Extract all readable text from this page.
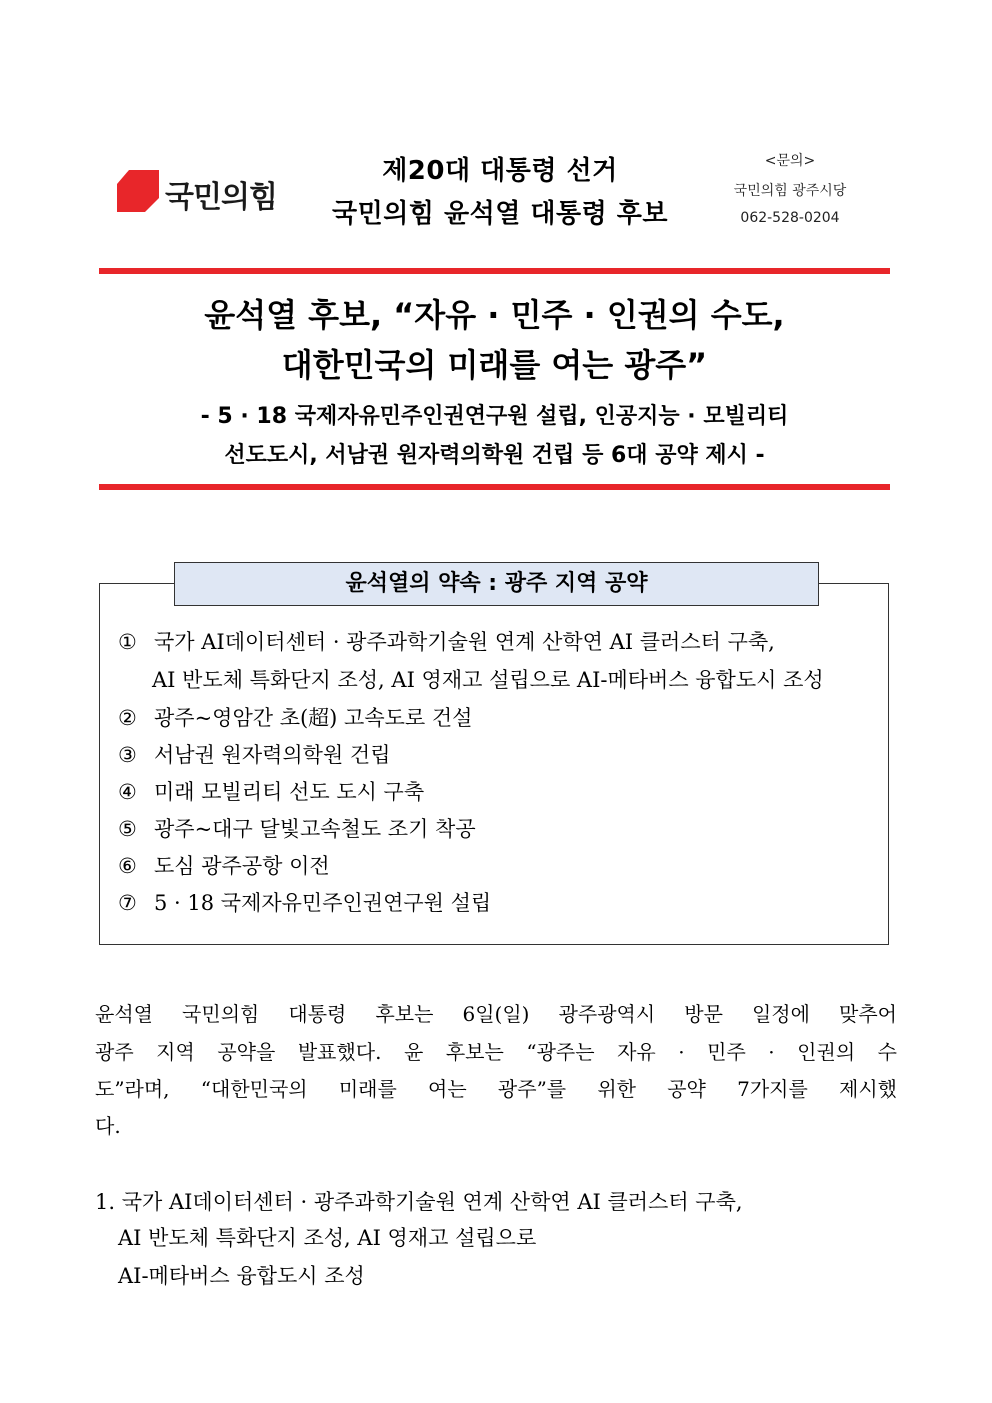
국민의힘
제20대 대통령 선거
국민의힘 윤석열 대통령 후보
<문의>
국민의힘 광주시당
062-528-0204
윤석열 후보, “자유 · 민주 · 인권의 수도,
대한민국의 미래를 여는 광주”
- 5 · 18 국제자유민주인권연구원 설립, 인공지능 · 모빌리티
선도도시, 서남권 원자력의학원 건립 등 6대 공약 제시 -
윤석열의 약속 : 광주 지역 공약
① 국가 AI데이터센터 · 광주과학기술원 연계 산학연 AI 클러스터 구축,
AI 반도체 특화단지 조성, AI 영재고 설립으로 AI-메타버스 융합도시 조성
② 광주~영암간 초(超) 고속도로 건설
③ 서남권 원자력의학원 건립
④ 미래 모빌리티 선도 도시 구축
⑤ 광주~대구 달빛고속철도 조기 착공
⑥ 도심 광주공항 이전
⑦ 5 · 18 국제자유민주인권연구원 설립
윤석열 국민의힘 대통령 후보는 6일(일) 광주광역시 방문 일정에 맞추어
광주 지역 공약을 발표했다. 윤 후보는 “광주는 자유 · 민주 · 인권의 수
도”라며, “대한민국의 미래를 여는 광주”를 위한 공약 7가지를 제시했
다.
1. 국가 AI데이터센터 · 광주과학기술원 연계 산학연 AI 클러스터 구축,
AI 반도체 특화단지 조성, AI 영재고 설립으로
AI-메타버스 융합도시 조성
